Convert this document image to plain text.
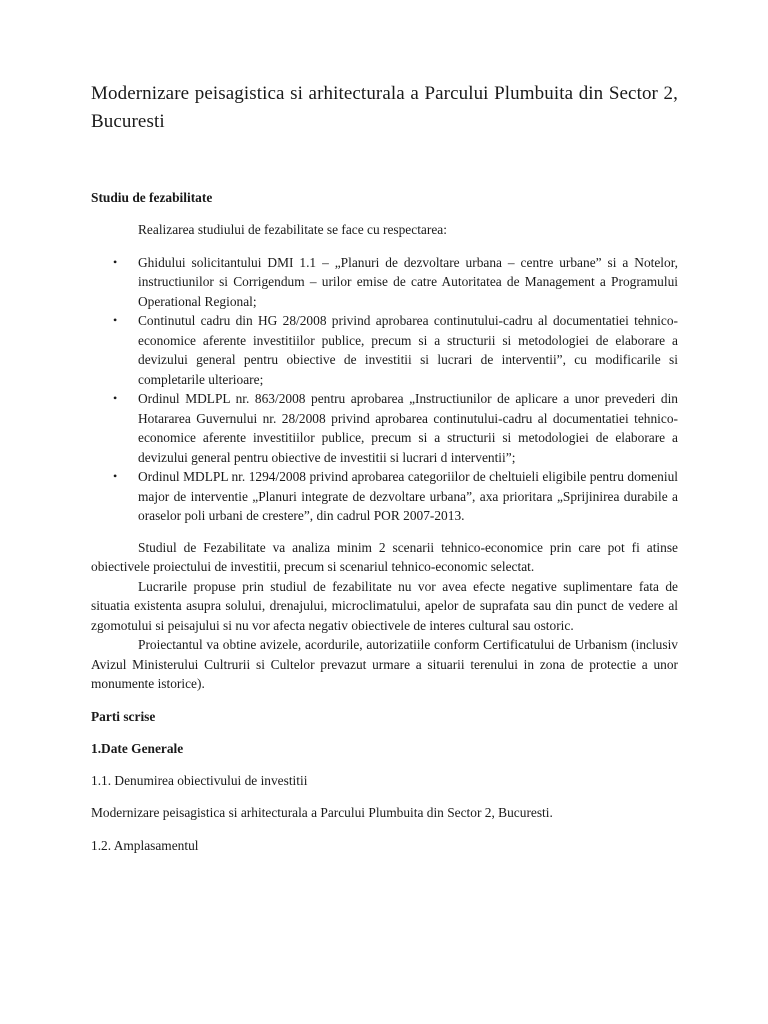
Modernizare peisagistica si arhitecturala a Parcului Plumbuita din Sector 2, Bucuresti
Studiu de fezabilitate

Realizarea studiului de fezabilitate se face cu respectarea:

• Ghidului solicitantului DMI 1.1 – „Planuri de dezvoltare urbana – centre urbane” si a Notelor, instructiunilor si Corrigendum – urilor emise de catre Autoritatea de Management a Programului Operational Regional;
• Continutul cadru din HG 28/2008 privind aprobarea continutului-cadru al documentatiei tehnico-economice aferente investitiilor publice, precum si a structurii si metodologiei de elaborare a devizului general pentru obiective de investitii si lucrari de interventii”, cu modificarile si completarile ulterioare;
• Ordinul MDLPL nr. 863/2008 pentru aprobarea „Instructiunilor de aplicare a unor prevederi din Hotararea Guvernului nr. 28/2008 privind aprobarea continutului-cadru al documentatiei tehnico-economice aferente investitiilor publice, precum si a structurii si metodologiei de elaborare a devizului general pentru obiective de investitii si lucrari d interventii”;
• Ordinul MDLPL nr. 1294/2008 privind aprobarea categoriilor de cheltuieli eligibile pentru domeniul major de interventie „Planuri integrate de dezvoltare urbana”, axa prioritara „Sprijinirea durabile a oraselor poli urbani de crestere”, din cadrul POR 2007-2013.

Studiul de Fezabilitate va analiza minim 2 scenarii tehnico-economice prin care pot fi atinse obiectivele proiectului de investitii, precum si scenariul tehnico-economic selectat.

Lucrarile propuse prin studiul de fezabilitate nu vor avea efecte negative suplimentare fata de situatia existenta asupra solului, drenajului, microclimatului, apelor de suprafata sau din punct de vedere al zgomotului si peisajului si nu vor afecta negativ obiectivele de interes cultural sau ostoric.

Proiectantul va obtine avizele, acordurile, autorizatiile conform Certificatului de Urbanism (inclusiv Avizul Ministerului Cultrurii si Cultelor prevazut urmare a situarii terenului in zona de protectie a unor monumente istorice).

Parti scrise
1.Date Generale

1.1. Denumirea obiectivului de investitii

Modernizare peisagistica si arhitecturala a Parcului Plumbuita din Sector 2, Bucuresti.

1.2. Amplasamentul
